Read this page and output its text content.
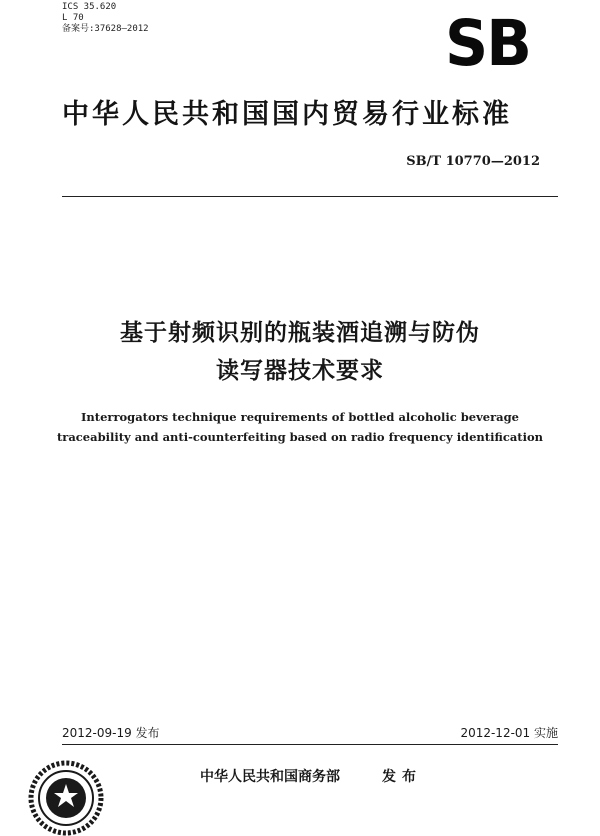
ICS 35.620
L 70
备案号:37628—2012	SB
中华人民共和国国内贸易行业标准
SB/T 10770—2012
基于射频识别的瓶装酒追溯与防伪
读写器技术要求
Interrogators technique requirements of bottled alcoholic beverage
traceability and anti-counterfeiting based on radio frequency identification
2012-09-19 发布	2012-12-01 实施
中华人民共和国商务部	发布
